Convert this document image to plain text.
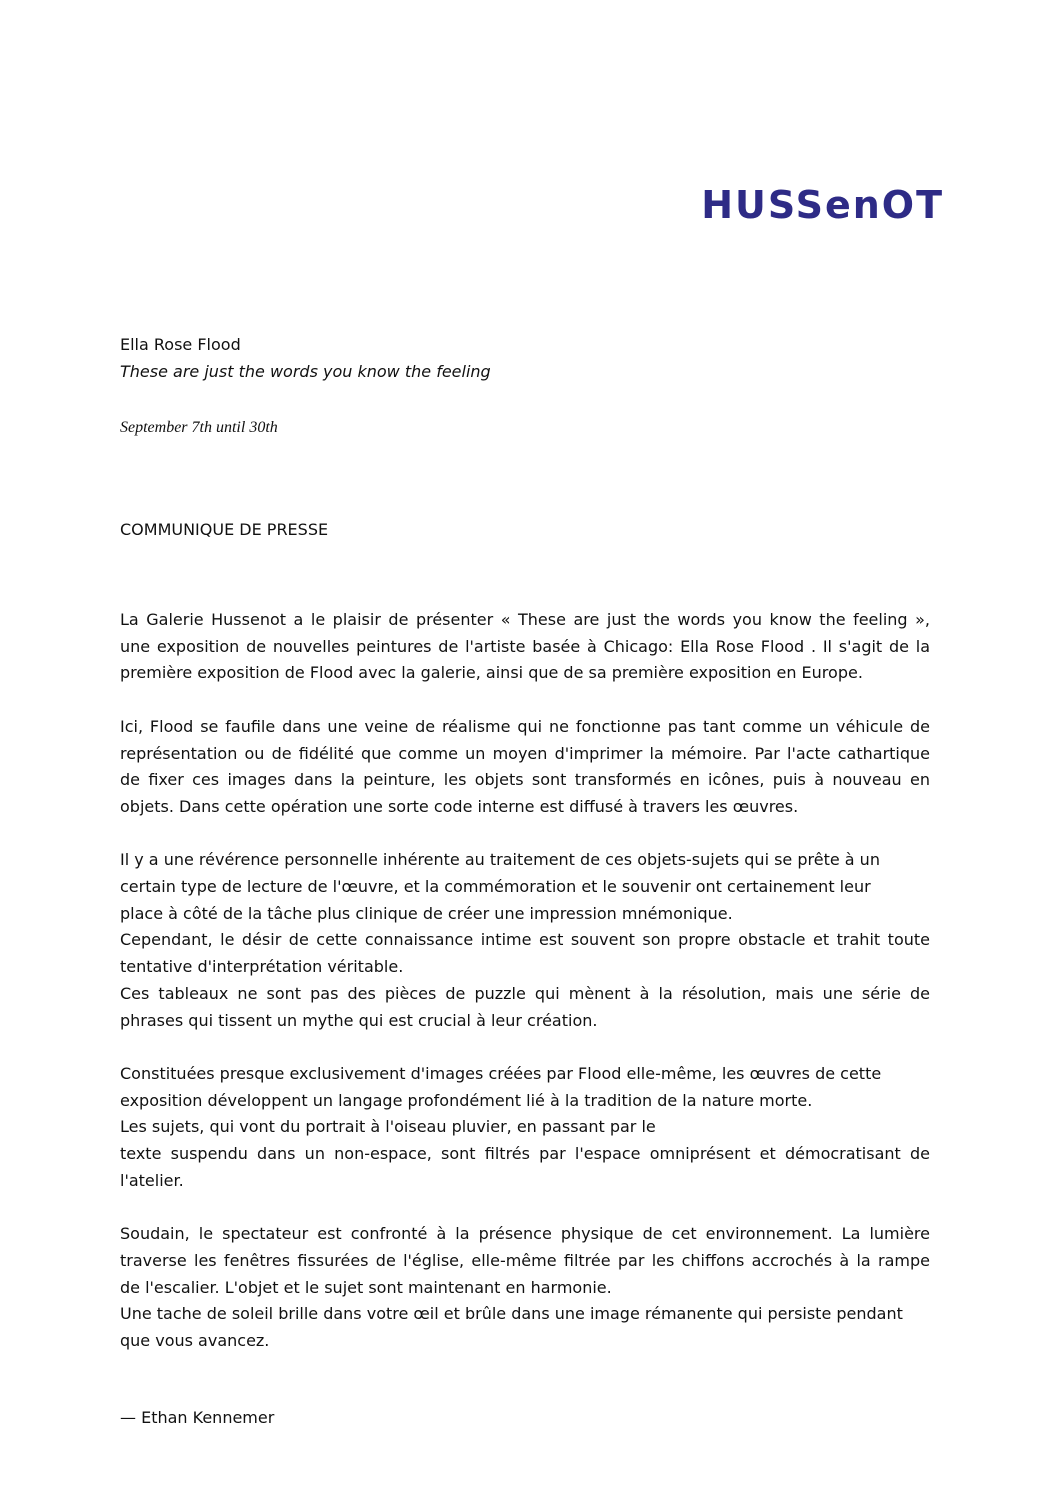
HUSSenOT
Ella Rose Flood
These are just the words you know the feeling
September 7th until 30th
COMMUNIQUE DE PRESSE

La Galerie Hussenot a le plaisir de présenter « These are just the words you know the feeling »,
une exposition de nouvelles peintures de l'artiste basée à Chicago: Ella Rose Flood . Il s'agit de la
première exposition de Flood avec la galerie, ainsi que de sa première exposition en Europe.

Ici, Flood se faufile dans une veine de réalisme qui ne fonctionne pas tant comme un véhicule de
représentation ou de fidélité que comme un moyen d'imprimer la mémoire. Par l'acte cathartique
de fixer ces images dans la peinture, les objets sont transformés en icônes, puis à nouveau en
objets. Dans cette opération une sorte code interne est diffusé à travers les œuvres.

Il y a une révérence personnelle inhérente au traitement de ces objets-sujets qui se prête à un
certain type de lecture de l'œuvre, et la commémoration et le souvenir ont certainement leur
place à côté de la tâche plus clinique de créer une impression mnémonique.
Cependant, le désir de cette connaissance intime est souvent son propre obstacle et trahit toute
tentative d'interprétation véritable.
Ces tableaux ne sont pas des pièces de puzzle qui mènent à la résolution, mais une série de
phrases qui tissent un mythe qui est crucial à leur création.

Constituées presque exclusivement d'images créées par Flood elle-même, les œuvres de cette
exposition développent un langage profondément lié à la tradition de la nature morte.
Les sujets, qui vont du portrait à l'oiseau pluvier, en passant par le
texte suspendu dans un non-espace, sont filtrés par l'espace omniprésent et démocratisant de
l'atelier.

Soudain, le spectateur est confronté à la présence physique de cet environnement. La lumière
traverse les fenêtres fissurées de l'église, elle-même filtrée par les chiffons accrochés à la rampe
de l'escalier. L'objet et le sujet sont maintenant en harmonie.
Une tache de soleil brille dans votre œil et brûle dans une image rémanente qui persiste pendant
que vous avancez.

— Ethan Kennemer
